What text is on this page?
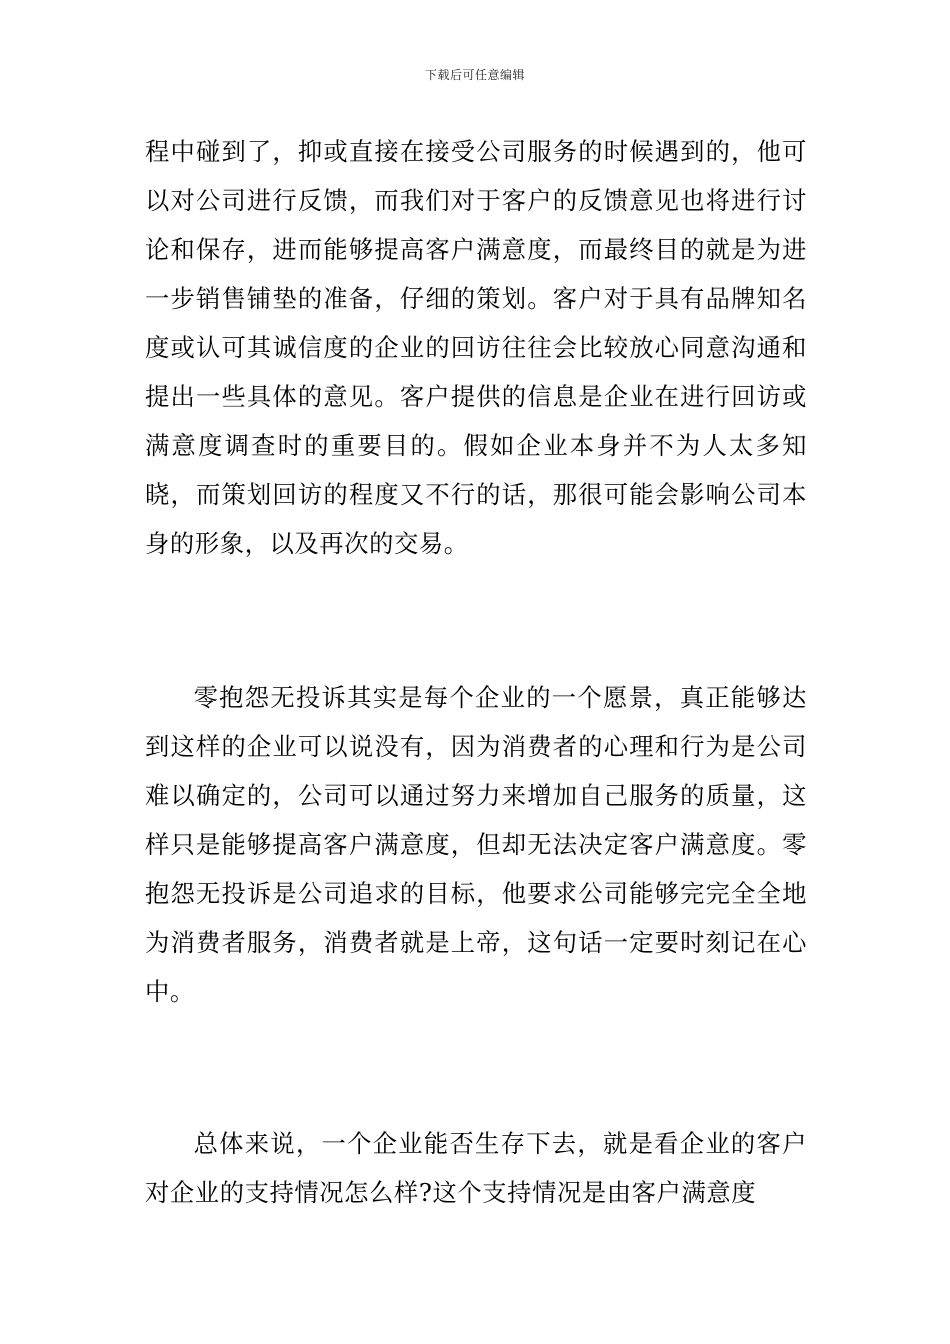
下载后可任意编辑

程中碰到了，抑或直接在接受公司服务的时候遇到的，他可以对公司进行反馈，而我们对于客户的反馈意见也将进行讨论和保存，进而能够提高客户满意度，而最终目的就是为进一步销售铺垫的准备，仔细的策划。客户对于具有品牌知名度或认可其诚信度的企业的回访往往会比较放心同意沟通和提出一些具体的意见。客户提供的信息是企业在进行回访或满意度调查时的重要目的。假如企业本身并不为人太多知晓，而策划回访的程度又不行的话，那很可能会影响公司本身的形象，以及再次的交易。

零抱怨无投诉其实是每个企业的一个愿景，真正能够达到这样的企业可以说没有，因为消费者的心理和行为是公司难以确定的，公司可以通过努力来增加自己服务的质量，这样只是能够提高客户满意度，但却无法决定客户满意度。零抱怨无投诉是公司追求的目标，他要求公司能够完完全全地为消费者服务，消费者就是上帝，这句话一定要时刻记在心中。

总体来说，一个企业能否生存下去，就是看企业的客户对企业的支持情况怎么样?这个支持情况是由客户满意度
